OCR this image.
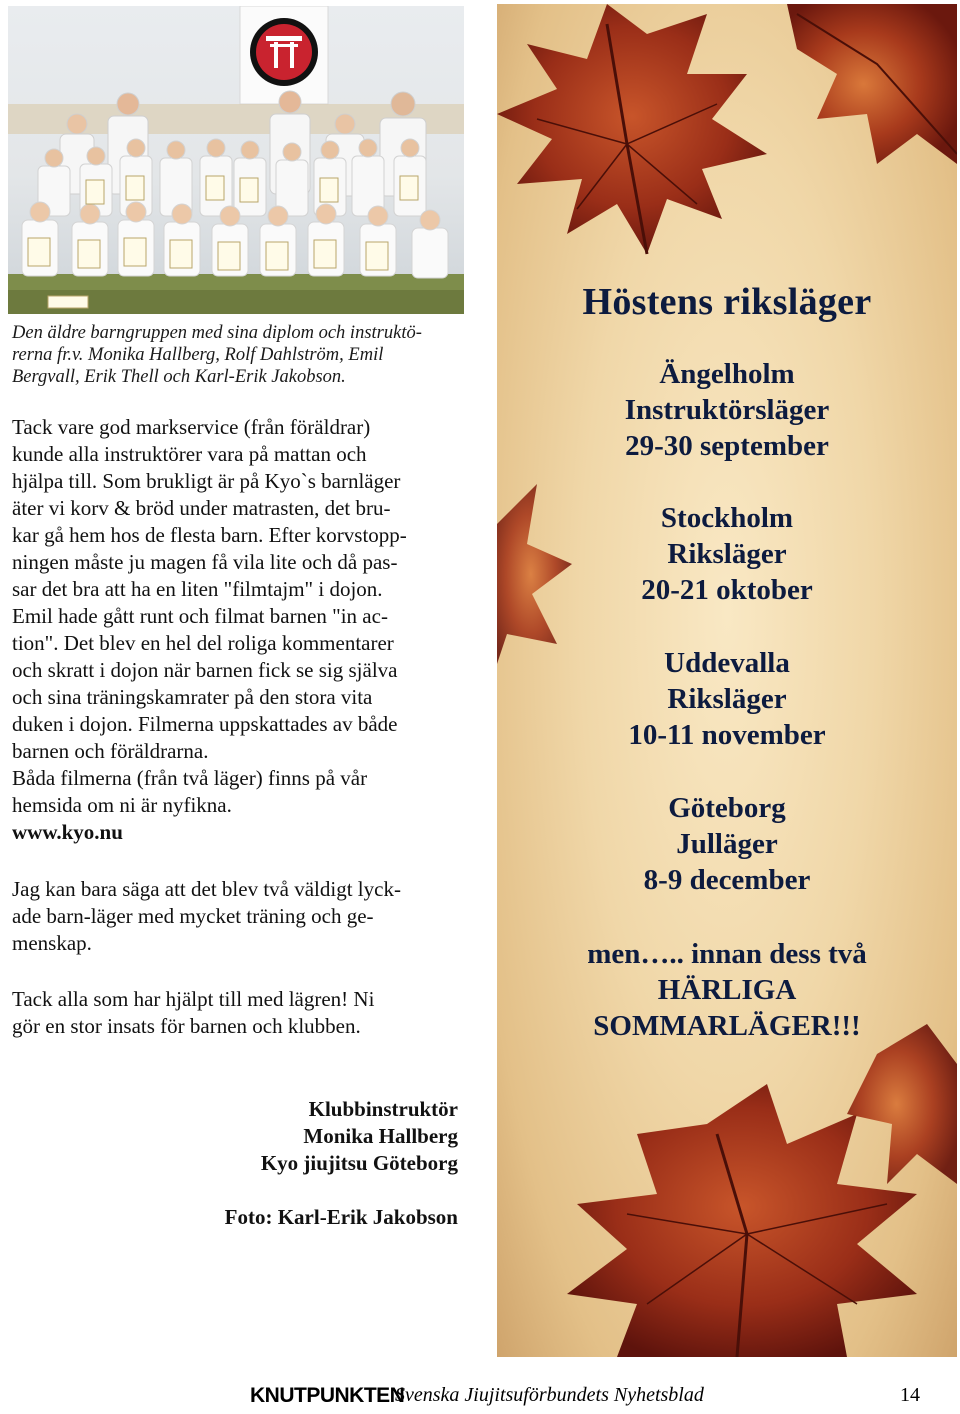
Den äldre barngruppen med sina diplom och instruktö-
rerna fr.v. Monika Hallberg, Rolf Dahlström, Emil
Bergvall, Erik Thell och Karl-Erik Jakobson.
Tack vare god markservice (från föräldrar)
kunde alla instruktörer vara på mattan och
hjälpa till. Som brukligt är på Kyo`s barnläger
äter vi korv & bröd under matrasten, det bru-
kar gå hem hos de flesta barn. Efter korvstopp-
ningen måste ju magen få vila lite och då pas-
sar det bra att ha en liten "filmtajm" i dojon.
Emil hade gått runt och filmat barnen "in ac-
tion". Det blev en hel del roliga kommentarer
och skratt i dojon när barnen fick se sig själva
och sina träningskamrater på den stora vita
duken i dojon. Filmerna uppskattades av både
barnen och föräldrarna.
Båda filmerna (från två läger) finns på vår
hemsida om ni är nyfikna.
www.kyo.nu
Jag kan bara säga att det blev två väldigt lyck-
ade barn-läger med mycket träning och ge-
menskap.
Tack alla som har hjälpt till med lägren! Ni
gör en stor insats för barnen och klubben.
Klubbinstruktör
Monika Hallberg
Kyo jiujitsu Göteborg
Foto: Karl-Erik Jakobson
Höstens riksläger
Ängelholm
Instruktörsläger
29-30 september
Stockholm
Riksläger
20-21 oktober
Uddevalla
Riksläger
10-11 november
Göteborg
Julläger
8-9 december
men….. innan dess två
HÄRLIGA
SOMMARLÄGER!!!
KNUTPUNKTEN
Svenska Jiujitsuförbundets Nyhetsblad	14
